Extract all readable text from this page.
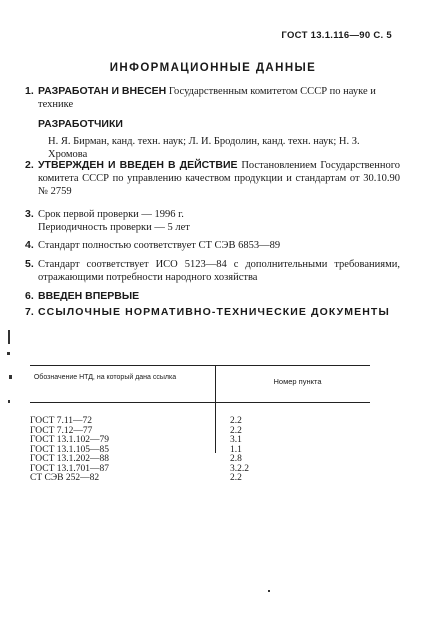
ГОСТ 13.1.116—90 С. 5
ИНФОРМАЦИОННЫЕ ДАННЫЕ
1. РАЗРАБОТАН И ВНЕСЕН Государственным комитетом СССР по науке и технике
РАЗРАБОТЧИКИ
Н. Я. Бирман, канд. техн. наук; Л. И. Бродолин, канд. техн. наук; Н. З. Хромова
2. УТВЕРЖДЕН И ВВЕДЕН В ДЕЙСТВИЕ Постановлением Государственного комитета СССР по управлению качеством продукции и стандартам от 30.10.90 № 2759
3. Срок первой проверки — 1996 г.
Периодичность проверки — 5 лет
4. Стандарт полностью соответствует СТ СЭВ 6853—89
5. Стандарт соответствует ИСО 5123—84 с дополнительными требованиями, отражающими потребности народного хозяйства
6. ВВЕДЕН ВПЕРВЫЕ
7. ССЫЛОЧНЫЕ НОРМАТИВНО-ТЕХНИЧЕСКИЕ ДОКУМЕНТЫ
Обозначение НТД, на который дана ссылка	Номер пункта
ГОСТ 7.11—72	2.2
ГОСТ 7.12—77	2.2
ГОСТ 13.1.102—79	3.1
ГОСТ 13.1.105—85	1.1
ГОСТ 13.1.202—88	2.8
ГОСТ 13.1.701—87	3.2.2
СТ СЭВ 252—82	2.2
